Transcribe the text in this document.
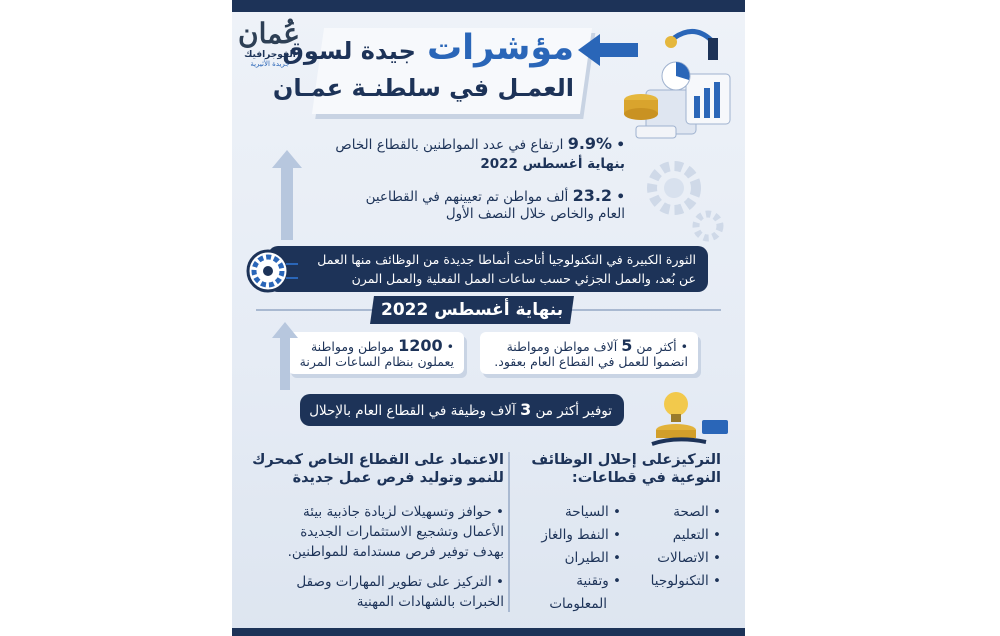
عُمان
الفوجرافيك
جريدة الأثيرية	مؤشرات جيدة لسوق
العمـل في سلطنـة عمـان
• 9.9% ارتفاع في عدد المواطنين بالقطاع الخاص
بنهاية أغسطس 2022
• 23.2 ألف مواطن تم تعيينهم في القطاعين
العام والخاص خلال النصف الأول
الثورة الكبيرة في التكنولوجيا أتاحت أنماطا جديدة من الوظائف منها العمل
عن بُعد، والعمل الجزئي حسب ساعات العمل الفعلية والعمل المرن
بنهاية أغسطس 2022
• أكثر من 5 آلاف مواطن ومواطنة
انضموا للعمل في القطاع العام بعقود.
• 1200 مواطن ومواطنة
يعملون بنظام الساعات المرنة
توفير أكثر من 3 آلاف وظيفة في القطاع العام بالإحلال
التركيزعلى إحلال الوظائف
النوعية في قطاعات:
• الصحة
• التعليم
• الاتصالات
• التكنولوجيا
• السياحة
• النفط والغاز
• الطيران
• وتقنية
المعلومات
الاعتماد على القطاع الخاص كمحرك
للنمو وتوليد فرص عمل جديدة
• حوافز وتسهيلات لزيادة جاذبية بيئة
الأعمال وتشجيع الاستثمارات الجديدة
بهدف توفير فرص مستدامة للمواطنين.
• التركيز على تطوير المهارات وصقل
الخبرات بالشهادات المهنية
